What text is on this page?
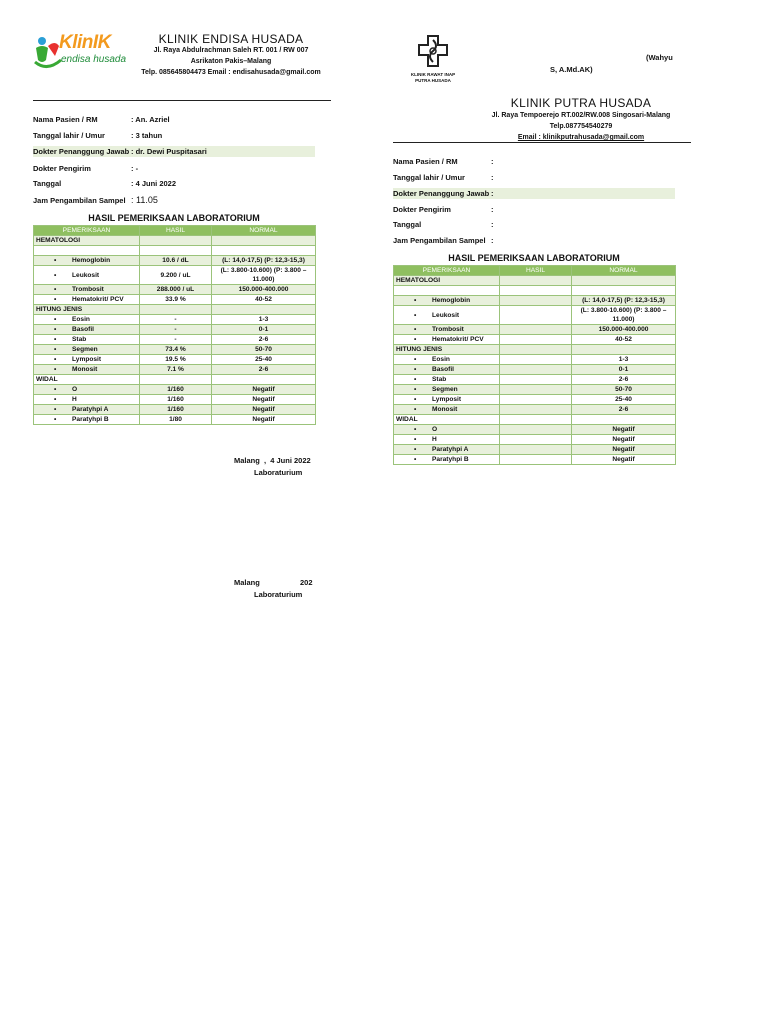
KlinIK
endisa husada
KLINIK ENDISA HUSADA
Jl. Raya Abdulrachman Saleh RT. 001 / RW 007
Asrikaton Pakis–Malang
Telp. 085645804473 Email : endisahusada@gmail.com
Nama Pasien / RM	: An. Azriel
Tanggal lahir / Umur	: 3 tahun
Dokter Penanggung Jawab : dr. Dewi Puspitasari
Dokter Pengirim	: -
Tanggal	: 4 Juni 2022
Jam Pengambilan Sampel : 11.05
HASIL PEMERIKSAAN LABORATORIUM
PEMERIKSAAN	HASIL	NORMAL
HEMATOLOGI		

• Hemoglobin	10.6 / dL	(L: 14,0-17,5) (P: 12,3-15,3)
• Leukosit	9.200 / uL	(L: 3.800-10.600) (P: 3.800 – 11.000)
• Trombosit	288.000 / uL	150.000-400.000
• Hematokrit/ PCV	33.9 %	40-52
HITUNG JENIS		
• Eosin	-	1-3
• Basofil	-	0-1
• Stab	-	2-6
• Segmen	73.4 %	50-70
• Lymposit	19.5 %	25-40
• Monosit	7.1 %	2-6
WIDAL		
• O	1/160	Negatif
• H	1/160	Negatif
• Paratyhpi A	1/160	Negatif
• Paratyhpi B	1/80	Negatif
Malang  ,  4 Juni 2022
Laboraturium
Malang	202
Laboraturium
KLINIK RAWAT INAP
PUTRA HUSADA
(Wahyu
S, A.Md.AK)
KLINIK PUTRA HUSADA
Jl. Raya Tempoerejo RT.002/RW.008 Singosari-Malang
Telp.087754540279
Email : klinikputrahusada@gmail.com
Nama Pasien / RM	:
Tanggal lahir / Umur	:
Dokter Penanggung Jawab :
Dokter Pengirim	:
Tanggal	:
Jam Pengambilan Sampel :
HASIL PEMERIKSAAN LABORATORIUM
PEMERIKSAAN	HASIL	NORMAL
HEMATOLOGI		

• Hemoglobin		(L: 14,0-17,5) (P: 12,3-15,3)
• Leukosit		(L: 3.800-10.600) (P: 3.800 – 11.000)
• Trombosit		150.000-400.000
• Hematokrit/ PCV		40-52
HITUNG JENIS		
• Eosin		1-3
• Basofil		0-1
• Stab		2-6
• Segmen		50-70
• Lymposit		25-40
• Monosit		2-6
WIDAL		
• O		Negatif
• H		Negatif
• Paratyhpi A		Negatif
• Paratyhpi B		Negatif
